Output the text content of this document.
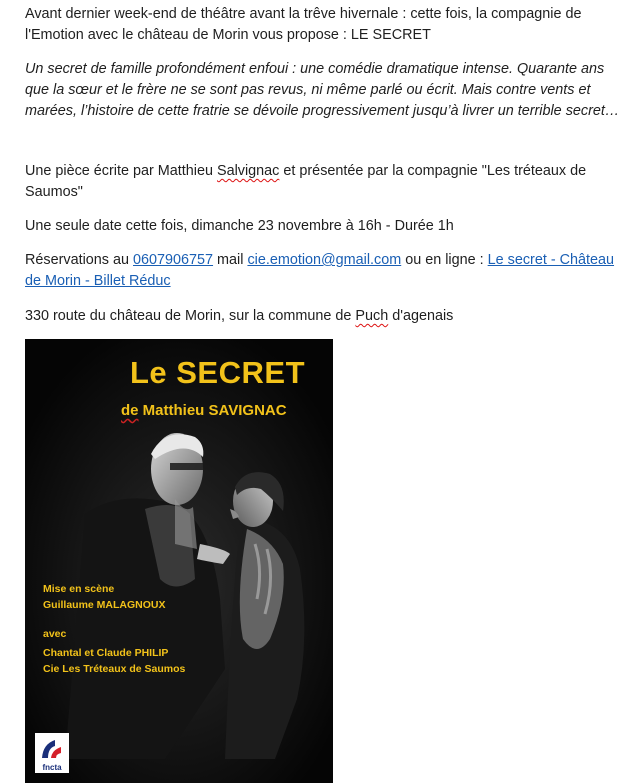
Avant dernier week-end de théâtre avant la trêve hivernale : cette fois, la compagnie de l'Emotion avec le château de Morin vous propose : LE SECRET

Un secret de famille profondément enfoui : une comédie dramatique intense. Quarante ans que la sœur et le frère ne se sont pas revus, ni même parlé ou écrit. Mais contre vents et marées, l’histoire de cette fratrie se dévoile progressivement jusqu’à livrer un terrible secret…

Une pièce écrite par Matthieu Salvignac et présentée par la compagnie "Les tréteaux de Saumos"

Une seule date cette fois, dimanche 23 novembre à 16h - Durée 1h

Réservations au 0607906757 mail cie.emotion@gmail.com ou en ligne : Le secret - Château de Morin - Billet Réduc

330 route du château de Morin, sur la commune de Puch d'agenais

Le SECRET
de Matthieu SAVIGNAC
Mise en scène
Guillaume MALAGNOUX
avec
Chantal et Claude PHILIP
Cie Les Tréteaux de Saumos
fncta
